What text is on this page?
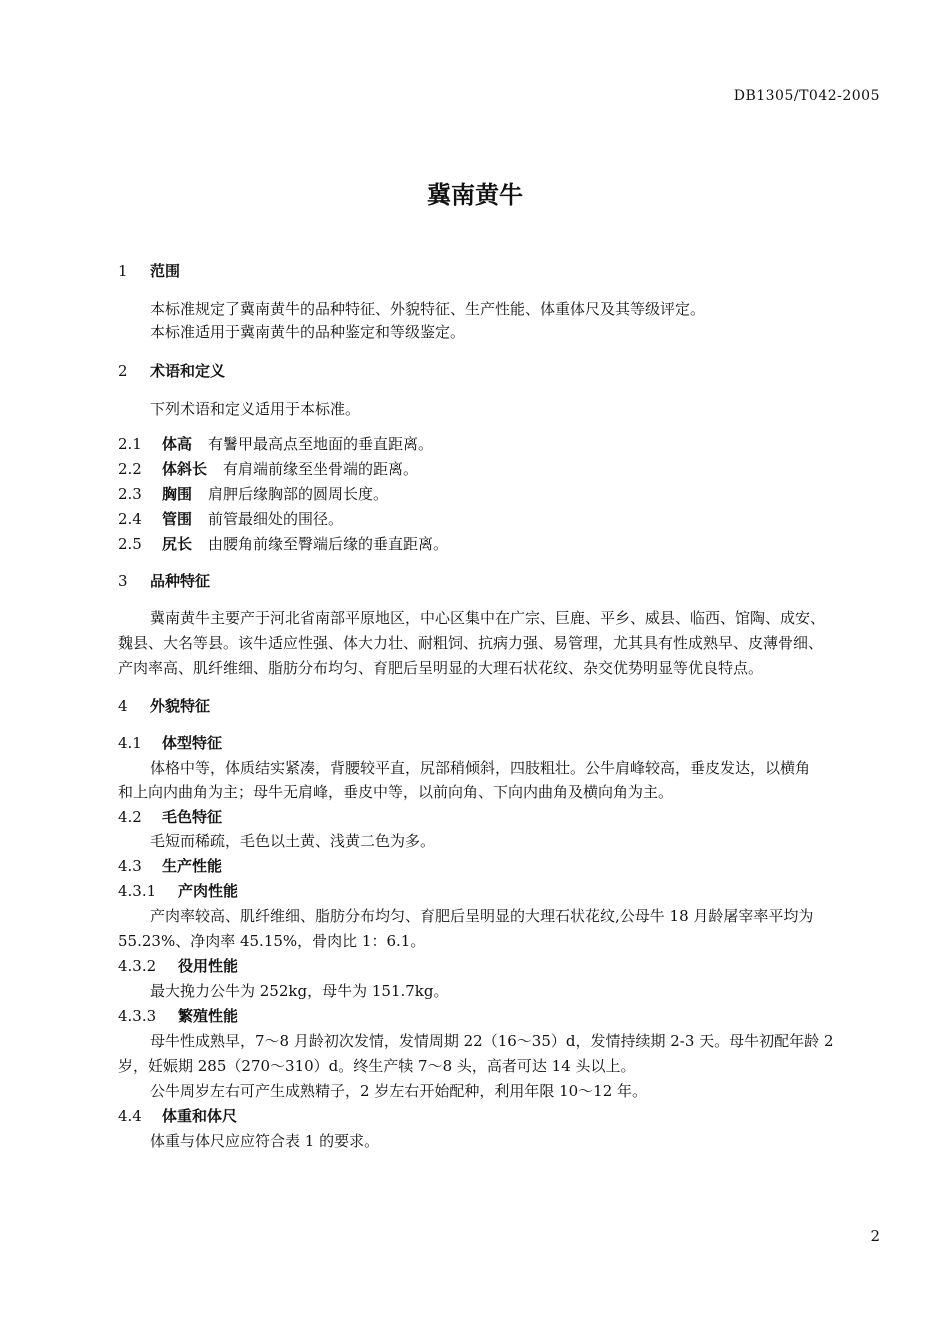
DB1305/T042-2005
冀南黄牛
1 范围
本标准规定了冀南黄牛的品种特征、外貌特征、生产性能、体重体尺及其等级评定。
本标准适用于冀南黄牛的品种鉴定和等级鉴定。
2 术语和定义
下列术语和定义适用于本标准。
2.1 体高 有鬐甲最高点至地面的垂直距离。
2.2 体斜长 有肩端前缘至坐骨端的距离。
2.3 胸围 肩胛后缘胸部的圆周长度。
2.4 管围 前管最细处的围径。
2.5 尻长 由腰角前缘至臀端后缘的垂直距离。
3 品种特征
冀南黄牛主要产于河北省南部平原地区，中心区集中在广宗、巨鹿、平乡、威县、临西、馆陶、成安、
魏县、大名等县。该牛适应性强、体大力壮、耐粗饲、抗病力强、易管理，尤其具有性成熟早、皮薄骨细、
产肉率高、肌纤维细、脂肪分布均匀、育肥后呈明显的大理石状花纹、杂交优势明显等优良特点。
4 外貌特征
4.1 体型特征
体格中等，体质结实紧凑，背腰较平直，尻部稍倾斜，四肢粗壮。公牛肩峰较高，垂皮发达，以横角
和上向内曲角为主；母牛无肩峰，垂皮中等，以前向角、下向内曲角及横向角为主。
4.2 毛色特征
毛短而稀疏，毛色以土黄、浅黄二色为多。
4.3 生产性能
4.3.1 产肉性能
产肉率较高、肌纤维细、脂肪分布均匀、育肥后呈明显的大理石状花纹,公母牛 18 月龄屠宰率平均为
55.23%、净肉率 45.15%，骨肉比 1：6.1。
4.3.2 役用性能
最大挽力公牛为 252kg，母牛为 151.7kg。
4.3.3 繁殖性能
母牛性成熟早，7～8 月龄初次发情，发情周期 22（16～35）d，发情持续期 2-3 天。母牛初配年龄 2
岁，妊娠期 285（270～310）d。终生产犊 7～8 头，高者可达 14 头以上。
公牛周岁左右可产生成熟精子，2 岁左右开始配种，利用年限 10～12 年。
4.4 体重和体尺
体重与体尺应应符合表 1 的要求。
2
